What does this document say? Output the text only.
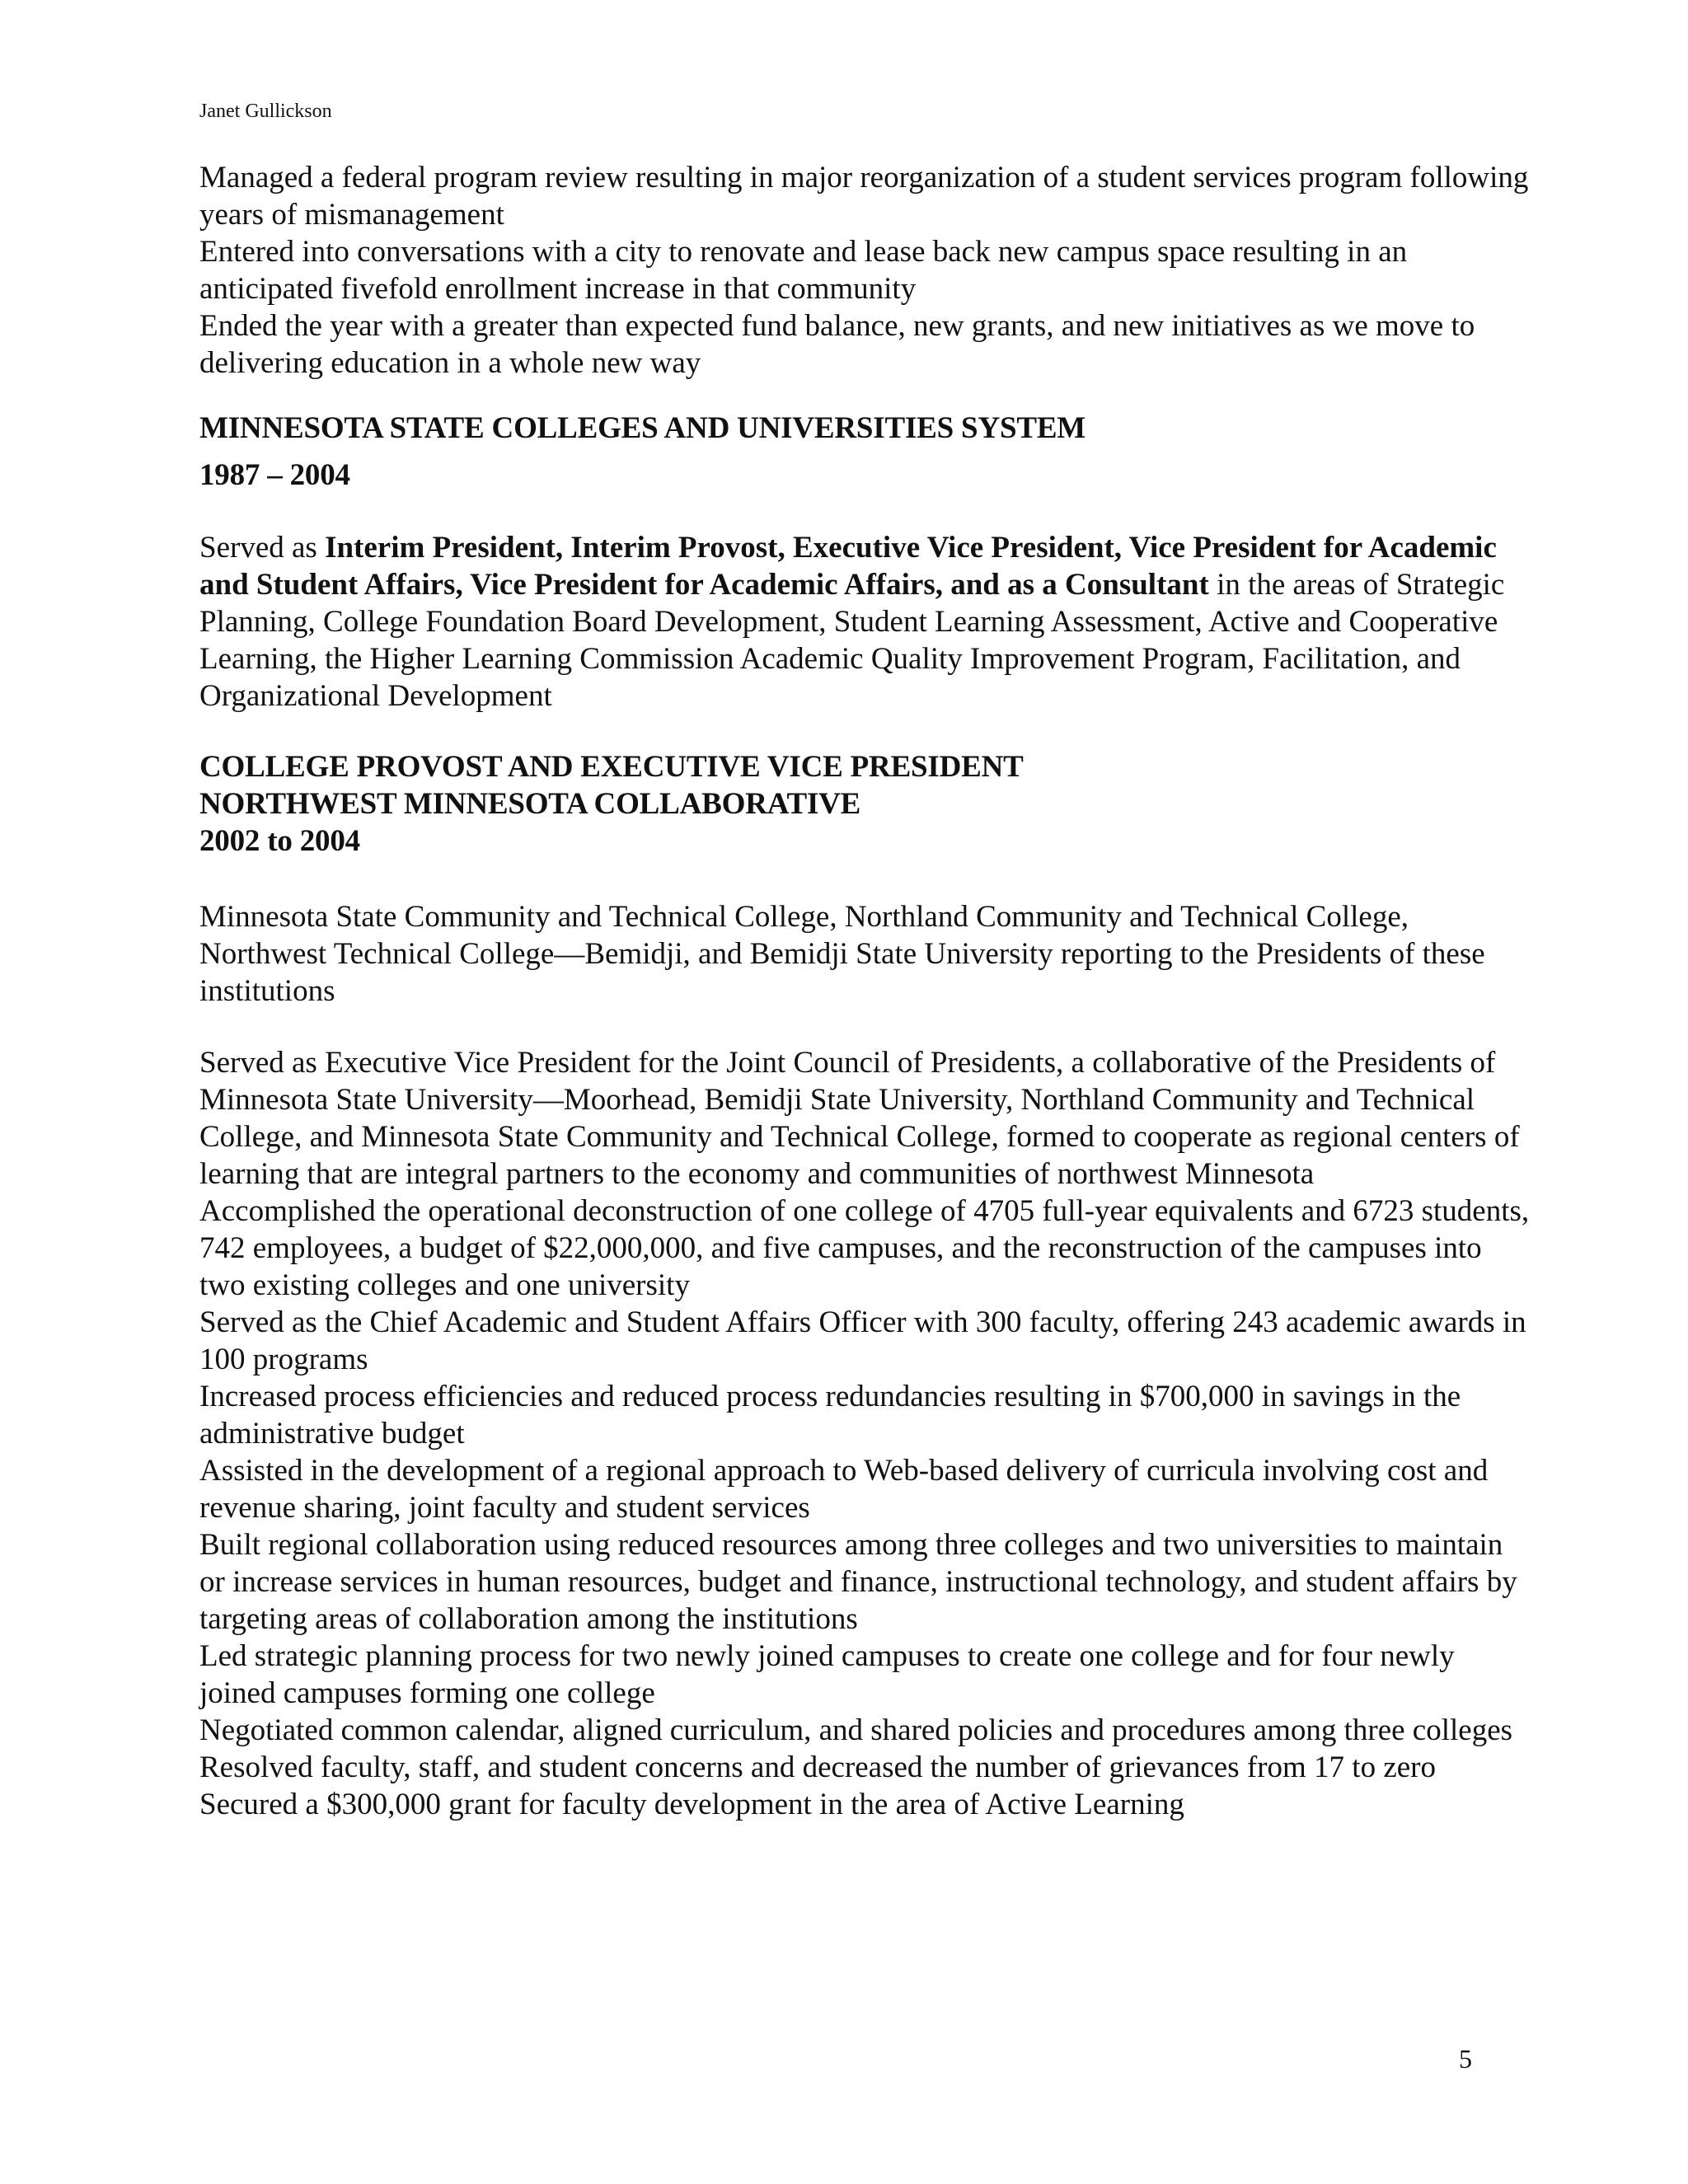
Janet Gullickson

Managed a federal program review resulting in major reorganization of a student services program following years of mismanagement

Entered into conversations with a city to renovate and lease back new campus space resulting in an anticipated fivefold enrollment increase in that community

Ended the year with a greater than expected fund balance, new grants, and new initiatives as we move to delivering education in a whole new way

MINNESOTA STATE COLLEGES AND UNIVERSITIES SYSTEM
1987 – 2004

Served as Interim President, Interim Provost, Executive Vice President, Vice President for Academic and Student Affairs, Vice President for Academic Affairs, and as a Consultant in the areas of Strategic Planning, College Foundation Board Development, Student Learning Assessment, Active and Cooperative Learning, the Higher Learning Commission Academic Quality Improvement Program, Facilitation, and Organizational Development

COLLEGE PROVOST AND EXECUTIVE VICE PRESIDENT
NORTHWEST MINNESOTA COLLABORATIVE
2002 to 2004

Minnesota State Community and Technical College, Northland Community and Technical College, Northwest Technical College—Bemidji, and Bemidji State University reporting to the Presidents of these institutions

Served as Executive Vice President for the Joint Council of Presidents, a collaborative of the Presidents of Minnesota State University—Moorhead, Bemidji State University, Northland Community and Technical College, and Minnesota State Community and Technical College, formed to cooperate as regional centers of learning that are integral partners to the economy and communities of northwest Minnesota

Accomplished the operational deconstruction of one college of 4705 full-year equivalents and 6723 students, 742 employees, a budget of $22,000,000, and five campuses, and the reconstruction of the campuses into two existing colleges and one university

Served as the Chief Academic and Student Affairs Officer with 300 faculty, offering 243 academic awards in 100 programs

Increased process efficiencies and reduced process redundancies resulting in $700,000 in savings in the administrative budget

Assisted in the development of a regional approach to Web-based delivery of curricula involving cost and revenue sharing, joint faculty and student services

Built regional collaboration using reduced resources among three colleges and two universities to maintain or increase services in human resources, budget and finance, instructional technology, and student affairs by targeting areas of collaboration among the institutions

Led strategic planning process for two newly joined campuses to create one college and for four newly joined campuses forming one college

Negotiated common calendar, aligned curriculum, and shared policies and procedures among three colleges

Resolved faculty, staff, and student concerns and decreased the number of grievances from 17 to zero

Secured a $300,000 grant for faculty development in the area of Active Learning

5
